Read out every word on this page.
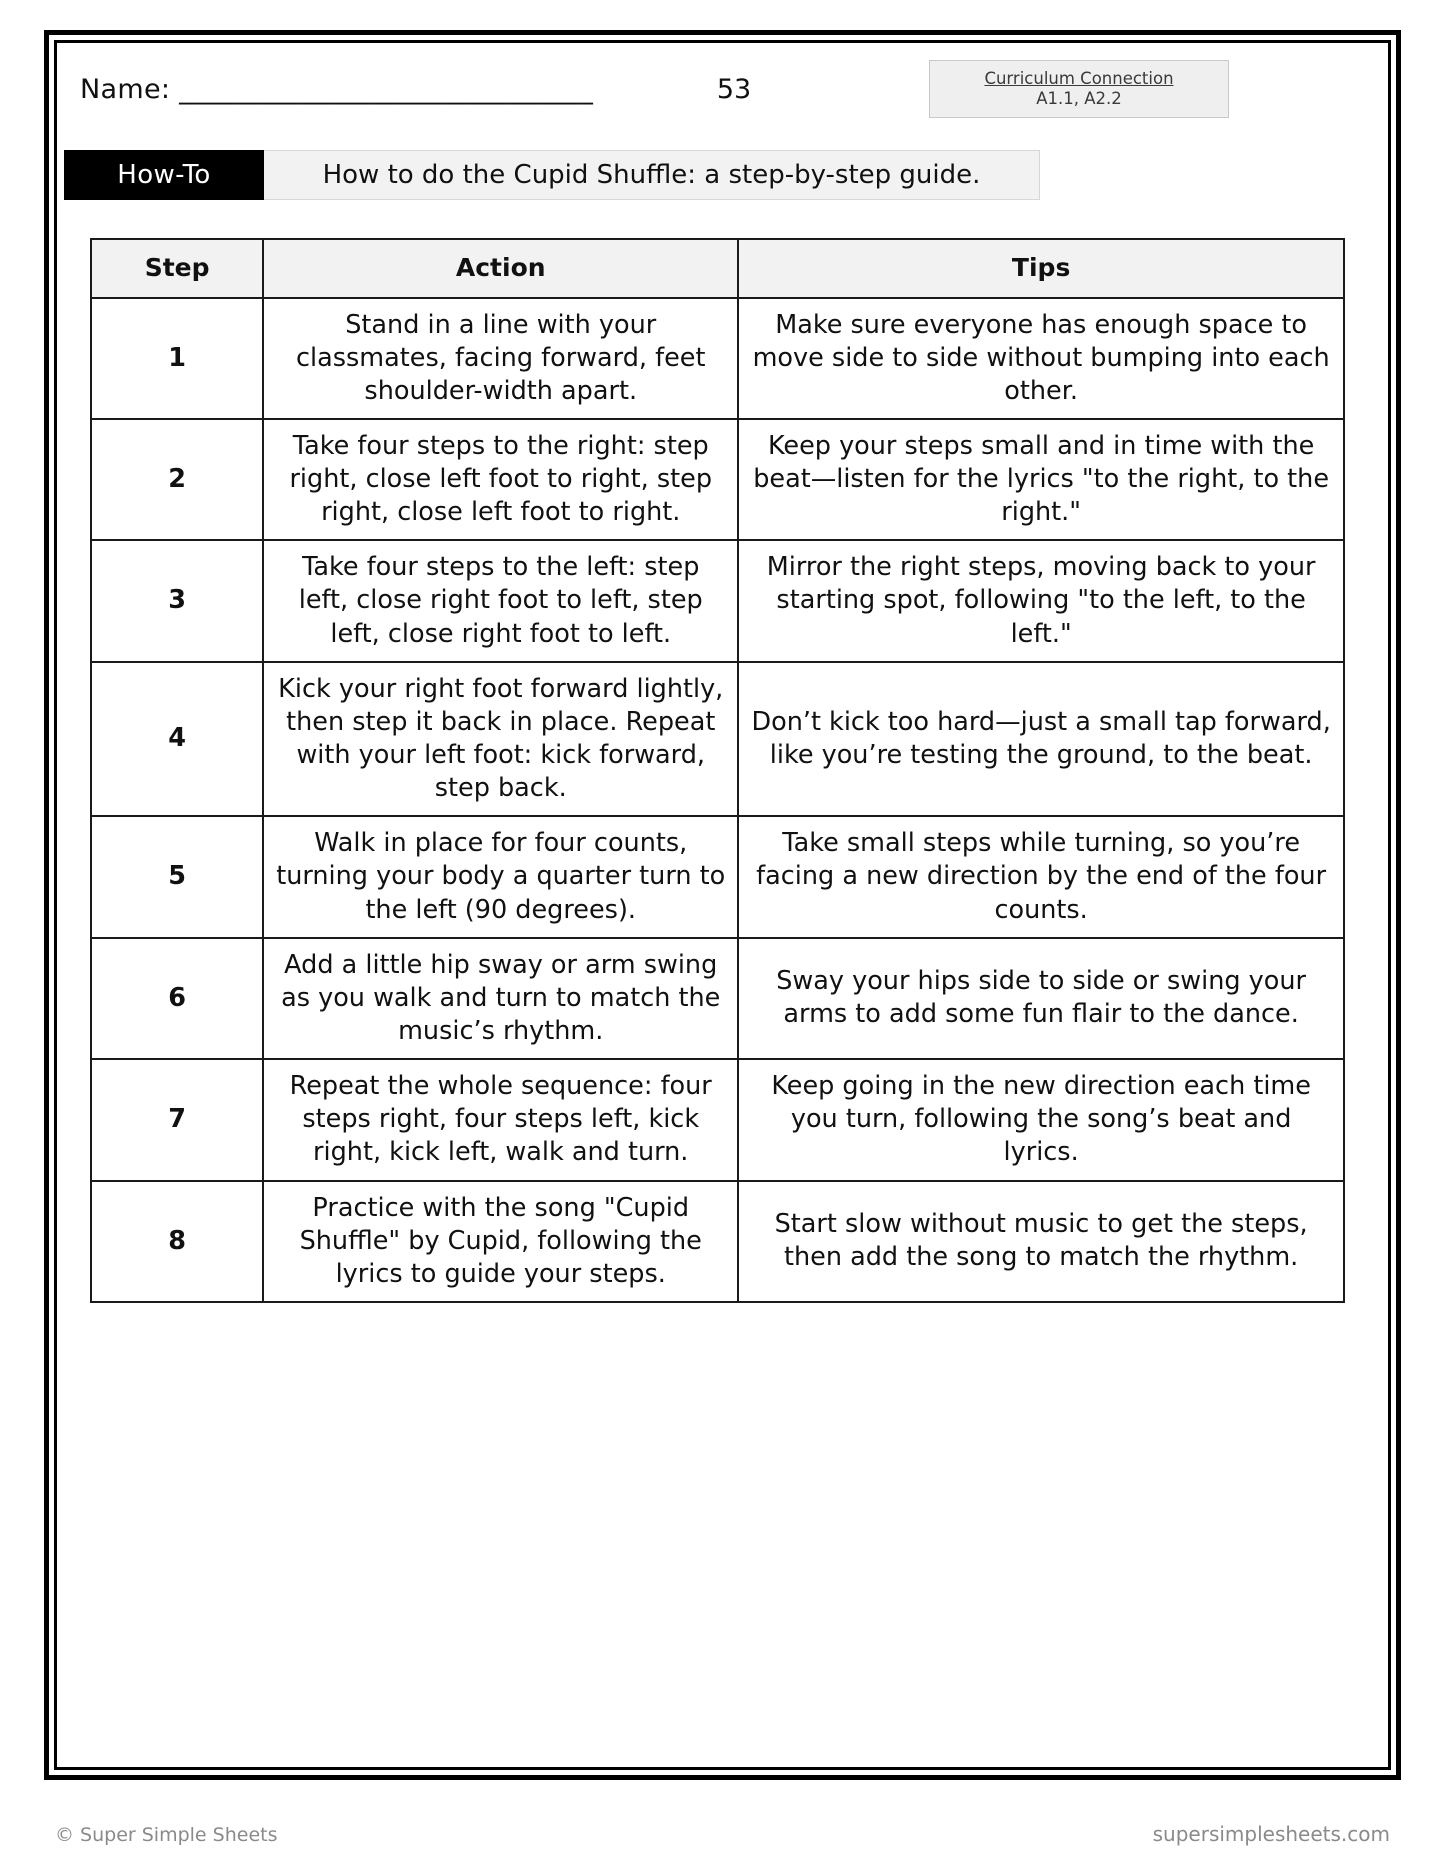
Name: ______________________________	53	Curriculum Connection
A1.1, A2.2
How-To	How to do the Cupid Shuffle: a step-by-step guide.
Step	Action	Tips
1	Stand in a line with your classmates, facing forward, feet shoulder-width apart.	Make sure everyone has enough space to move side to side without bumping into each other.
2	Take four steps to the right: step right, close left foot to right, step right, close left foot to right.	Keep your steps small and in time with the beat—listen for the lyrics "to the right, to the right."
3	Take four steps to the left: step left, close right foot to left, step left, close right foot to left.	Mirror the right steps, moving back to your starting spot, following "to the left, to the left."
4	Kick your right foot forward lightly, then step it back in place. Repeat with your left foot: kick forward, step back.	Don’t kick too hard—just a small tap forward, like you’re testing the ground, to the beat.
5	Walk in place for four counts, turning your body a quarter turn to the left (90 degrees).	Take small steps while turning, so you’re facing a new direction by the end of the four counts.
6	Add a little hip sway or arm swing as you walk and turn to match the music’s rhythm.	Sway your hips side to side or swing your arms to add some fun flair to the dance.
7	Repeat the whole sequence: four steps right, four steps left, kick right, kick left, walk and turn.	Keep going in the new direction each time you turn, following the song’s beat and lyrics.
8	Practice with the song "Cupid Shuffle" by Cupid, following the lyrics to guide your steps.	Start slow without music to get the steps, then add the song to match the rhythm.
© Super Simple Sheets	supersimplesheets.com
